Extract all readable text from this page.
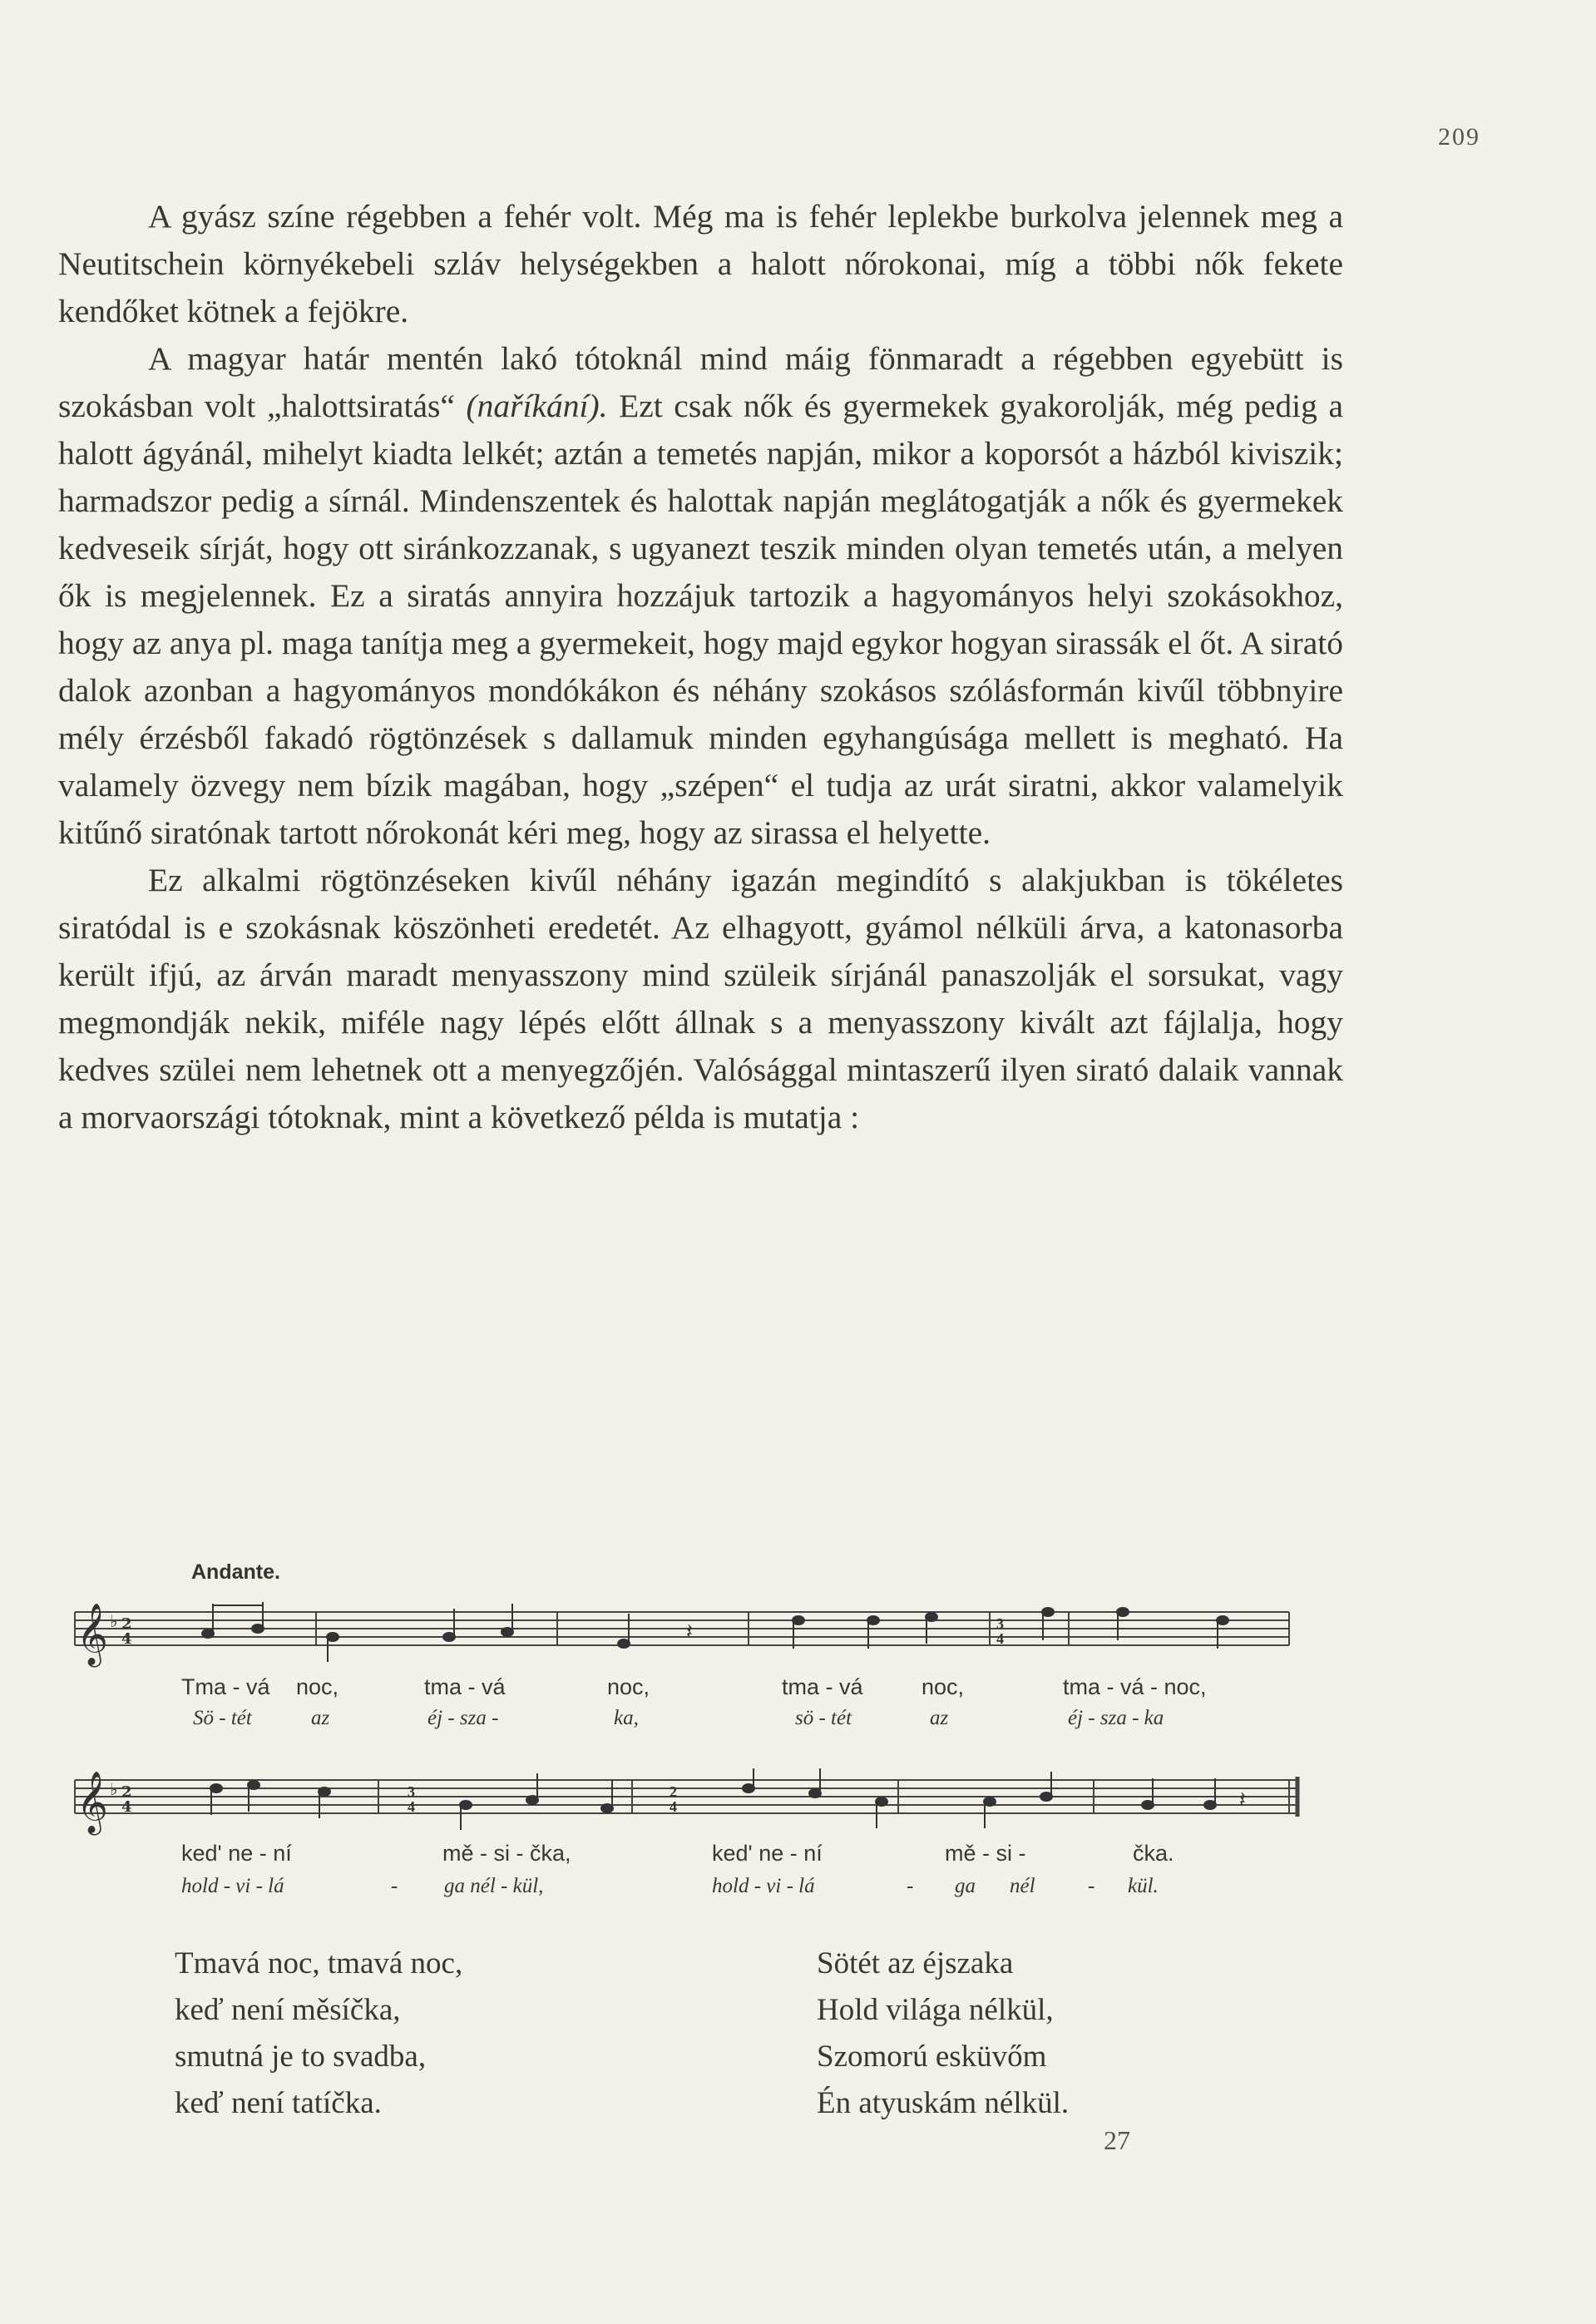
209

A gyász színe régebben a fehér volt. Még ma is fehér leplekbe burkolva jelennek meg a Neutitschein környékebeli szláv helységekben a halott nőrokonai, míg a többi nők fekete kendőket kötnek a fejökre.

A magyar határ mentén lakó tótoknál mind máig fönmaradt a régebben egyebütt is szokásban volt „halottsiratás“ (naříkání). Ezt csak nők és gyermekek gyakorolják, még pedig a halott ágyánál, mihelyt kiadta lelkét; aztán a temetés napján, mikor a koporsót a házból kiviszik; harmadszor pedig a sírnál. Mindenszentek és halottak napján meglátogatják a nők és gyermekek kedveseik sírját, hogy ott siránkozzanak, s ugyanezt teszik minden olyan temetés után, a melyen ők is megjelennek. Ez a siratás annyira hozzájuk tartozik a hagyományos helyi szokásokhoz, hogy az anya pl. maga tanítja meg a gyermekeit, hogy majd egykor hogyan sirassák el őt. A sirató dalok azonban a hagyományos mondókákon és néhány szokásos szólásformán kivűl többnyire mély érzésből fakadó rögtönzések s dallamuk minden egyhangúsága mellett is megható. Ha valamely özvegy nem bízik magában, hogy „szépen“ el tudja az urát siratni, akkor valamelyik kitűnő siratónak tartott nőrokonát kéri meg, hogy az sirassa el helyette.

Ez alkalmi rögtönzéseken kivűl néhány igazán megindító s alakjukban is tökéletes siratódal is e szokásnak köszönheti eredetét. Az elhagyott, gyámol nélküli árva, a katonasorba került ifjú, az árván maradt menyasszony mind szüleik sírjánál panaszolják el sorsukat, vagy megmondják nekik, miféle nagy lépés előtt állnak s a menyasszony kivált azt fájlalja, hogy kedves szülei nem lehetnek ott a menyegzőjén. Valósággal mintaszerű ilyen sirató dalaik vannak a morvaországi tótoknak, mint a következő példa is mutatja :

Andante.
𝄞 ♭ 2
4
3
4
𝄽
Tma - vá noc,	tma - vá	noc,	tma - vá	noc,	tma - vá - noc,
Sö - tét	az	éj - sza -	ka,	sö - tét	az	éj - sza - ka
𝄞 ♭ 2
4
3
4
2
4	𝄽
ked' ne - ní	mě - si - čka,	ked' ne - ní	mě - si -	čka.
hold - vi - lá	- ga nél - kül,	hold - vi - lá	- ga nél	- kül.
Tmavá noc, tmavá noc,
keď není měsíčka,
smutná je to svadba,
keď není tatíčka.
Sötét az éjszaka
Hold világa nélkül,
Szomorú esküvőm
Én atyuskám nélkül.
27
